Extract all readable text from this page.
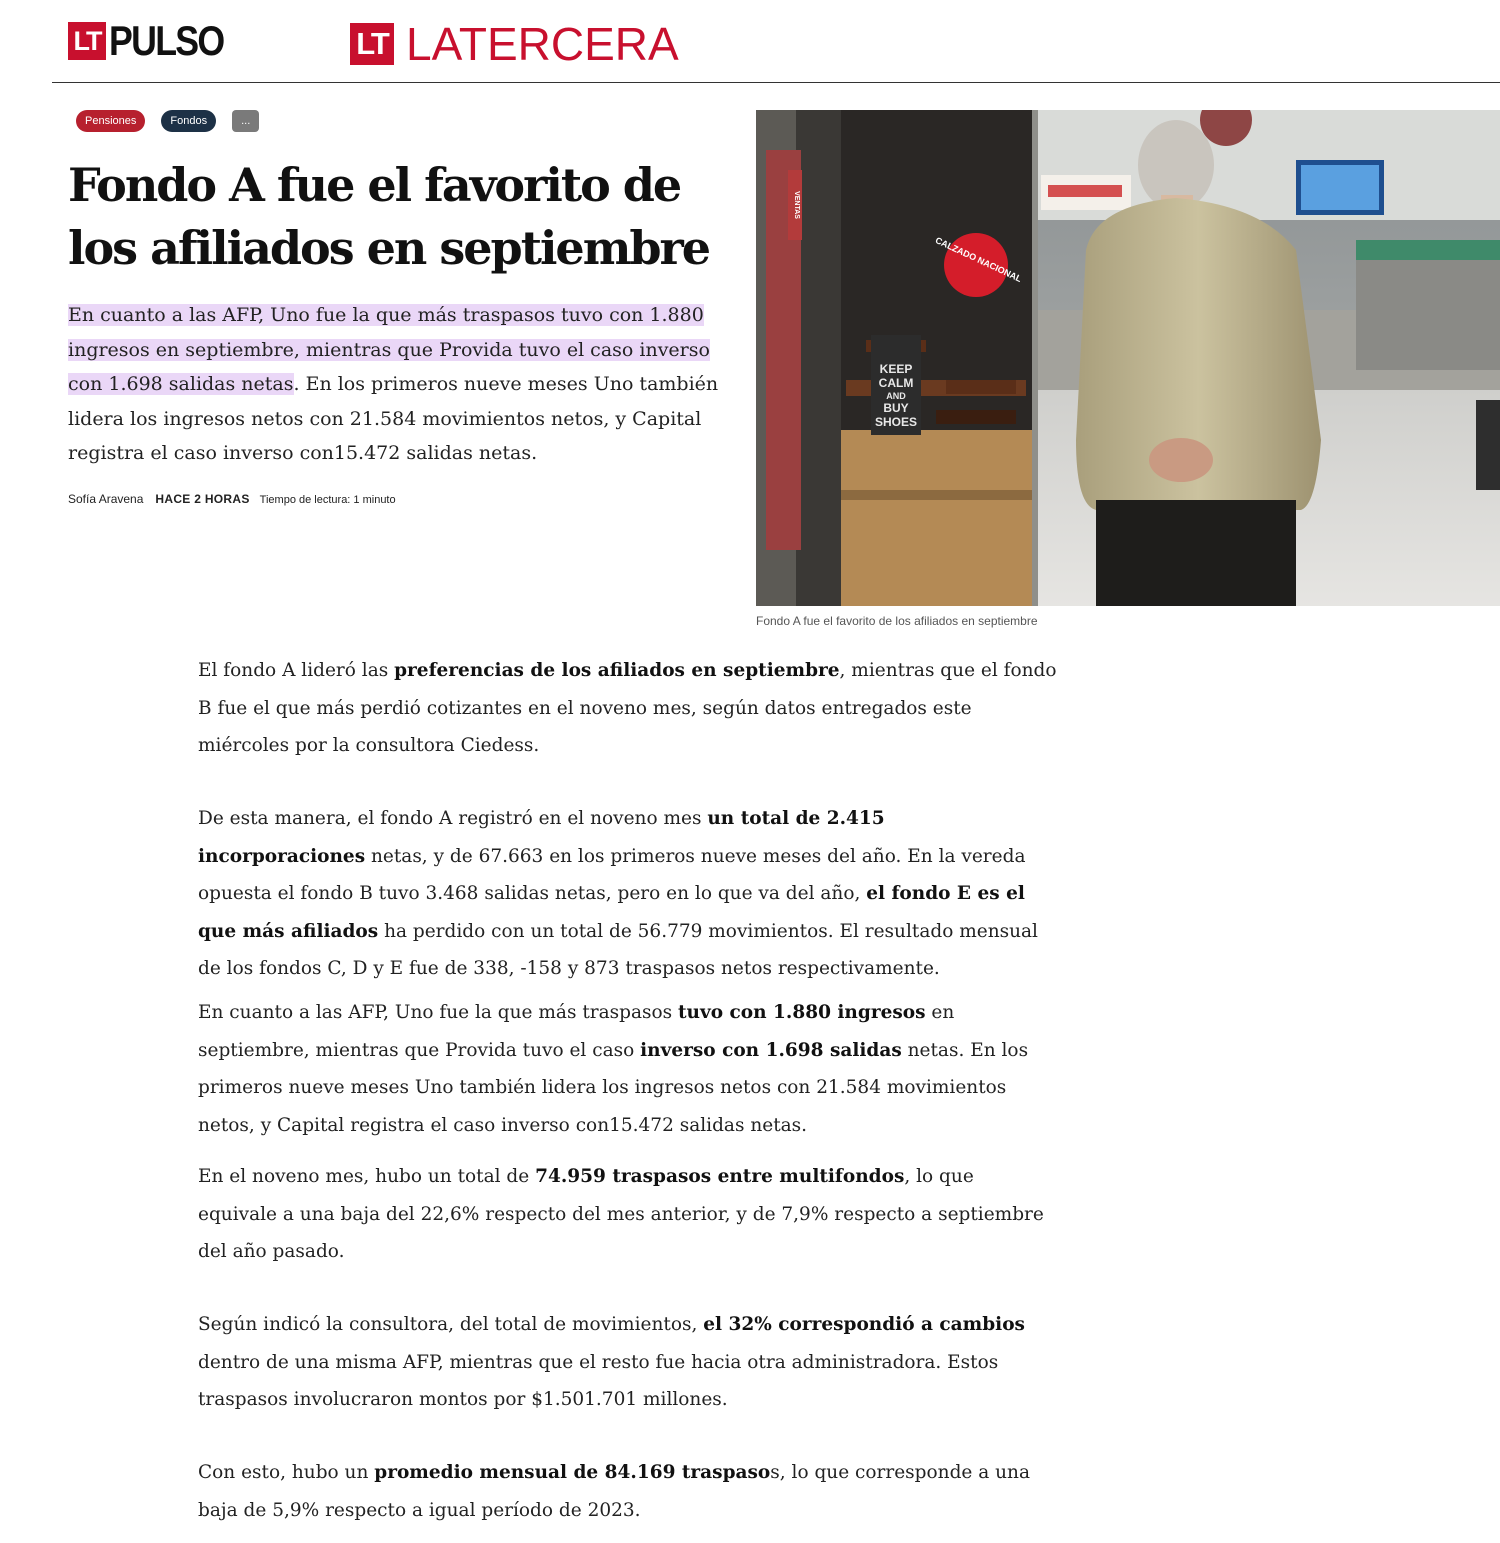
LT PULSO	LT LATERCERA
Pensiones	Fondos	...
Fondo A fue el favorito de los afiliados en septiembre

En cuanto a las AFP, Uno fue la que más traspasos tuvo con 1.880 ingresos en septiembre, mientras que Provida tuvo el caso inverso con 1.698 salidas netas. En los primeros nueve meses Uno también lidera los ingresos netos con 21.584 movimientos netos, y Capital registra el caso inverso con15.472 salidas netas.

Sofía Aravena HACE 2 HORAS Tiempo de lectura: 1 minuto
KEEP
CALM
AND
BUY
SHOES
CALZADO NACIONAL
VENTAS
Fondo A fue el favorito de los afiliados en septiembre

El fondo A lideró las preferencias de los afiliados en septiembre, mientras que el fondo B fue el que más perdió cotizantes en el noveno mes, según datos entregados este miércoles por la consultora Ciedess.

De esta manera, el fondo A registró en el noveno mes un total de 2.415 incorporaciones netas, y de 67.663 en los primeros nueve meses del año. En la vereda opuesta el fondo B tuvo 3.468 salidas netas, pero en lo que va del año, el fondo E es el que más afiliados ha perdido con un total de 56.779 movimientos. El resultado mensual de los fondos C, D y E fue de 338, -158 y 873 traspasos netos respectivamente.

En cuanto a las AFP, Uno fue la que más traspasos tuvo con 1.880 ingresos en septiembre, mientras que Provida tuvo el caso inverso con 1.698 salidas netas. En los primeros nueve meses Uno también lidera los ingresos netos con 21.584 movimientos netos, y Capital registra el caso inverso con15.472 salidas netas.

En el noveno mes, hubo un total de 74.959 traspasos entre multifondos, lo que equivale a una baja del 22,6% respecto del mes anterior, y de 7,9% respecto a septiembre del año pasado.

Según indicó la consultora, del total de movimientos, el 32% correspondió a cambios dentro de una misma AFP, mientras que el resto fue hacia otra administradora. Estos traspasos involucraron montos por $1.501.701 millones.

Con esto, hubo un promedio mensual de 84.169 traspasos, lo que corresponde a una baja de 5,9% respecto a igual período de 2023.
